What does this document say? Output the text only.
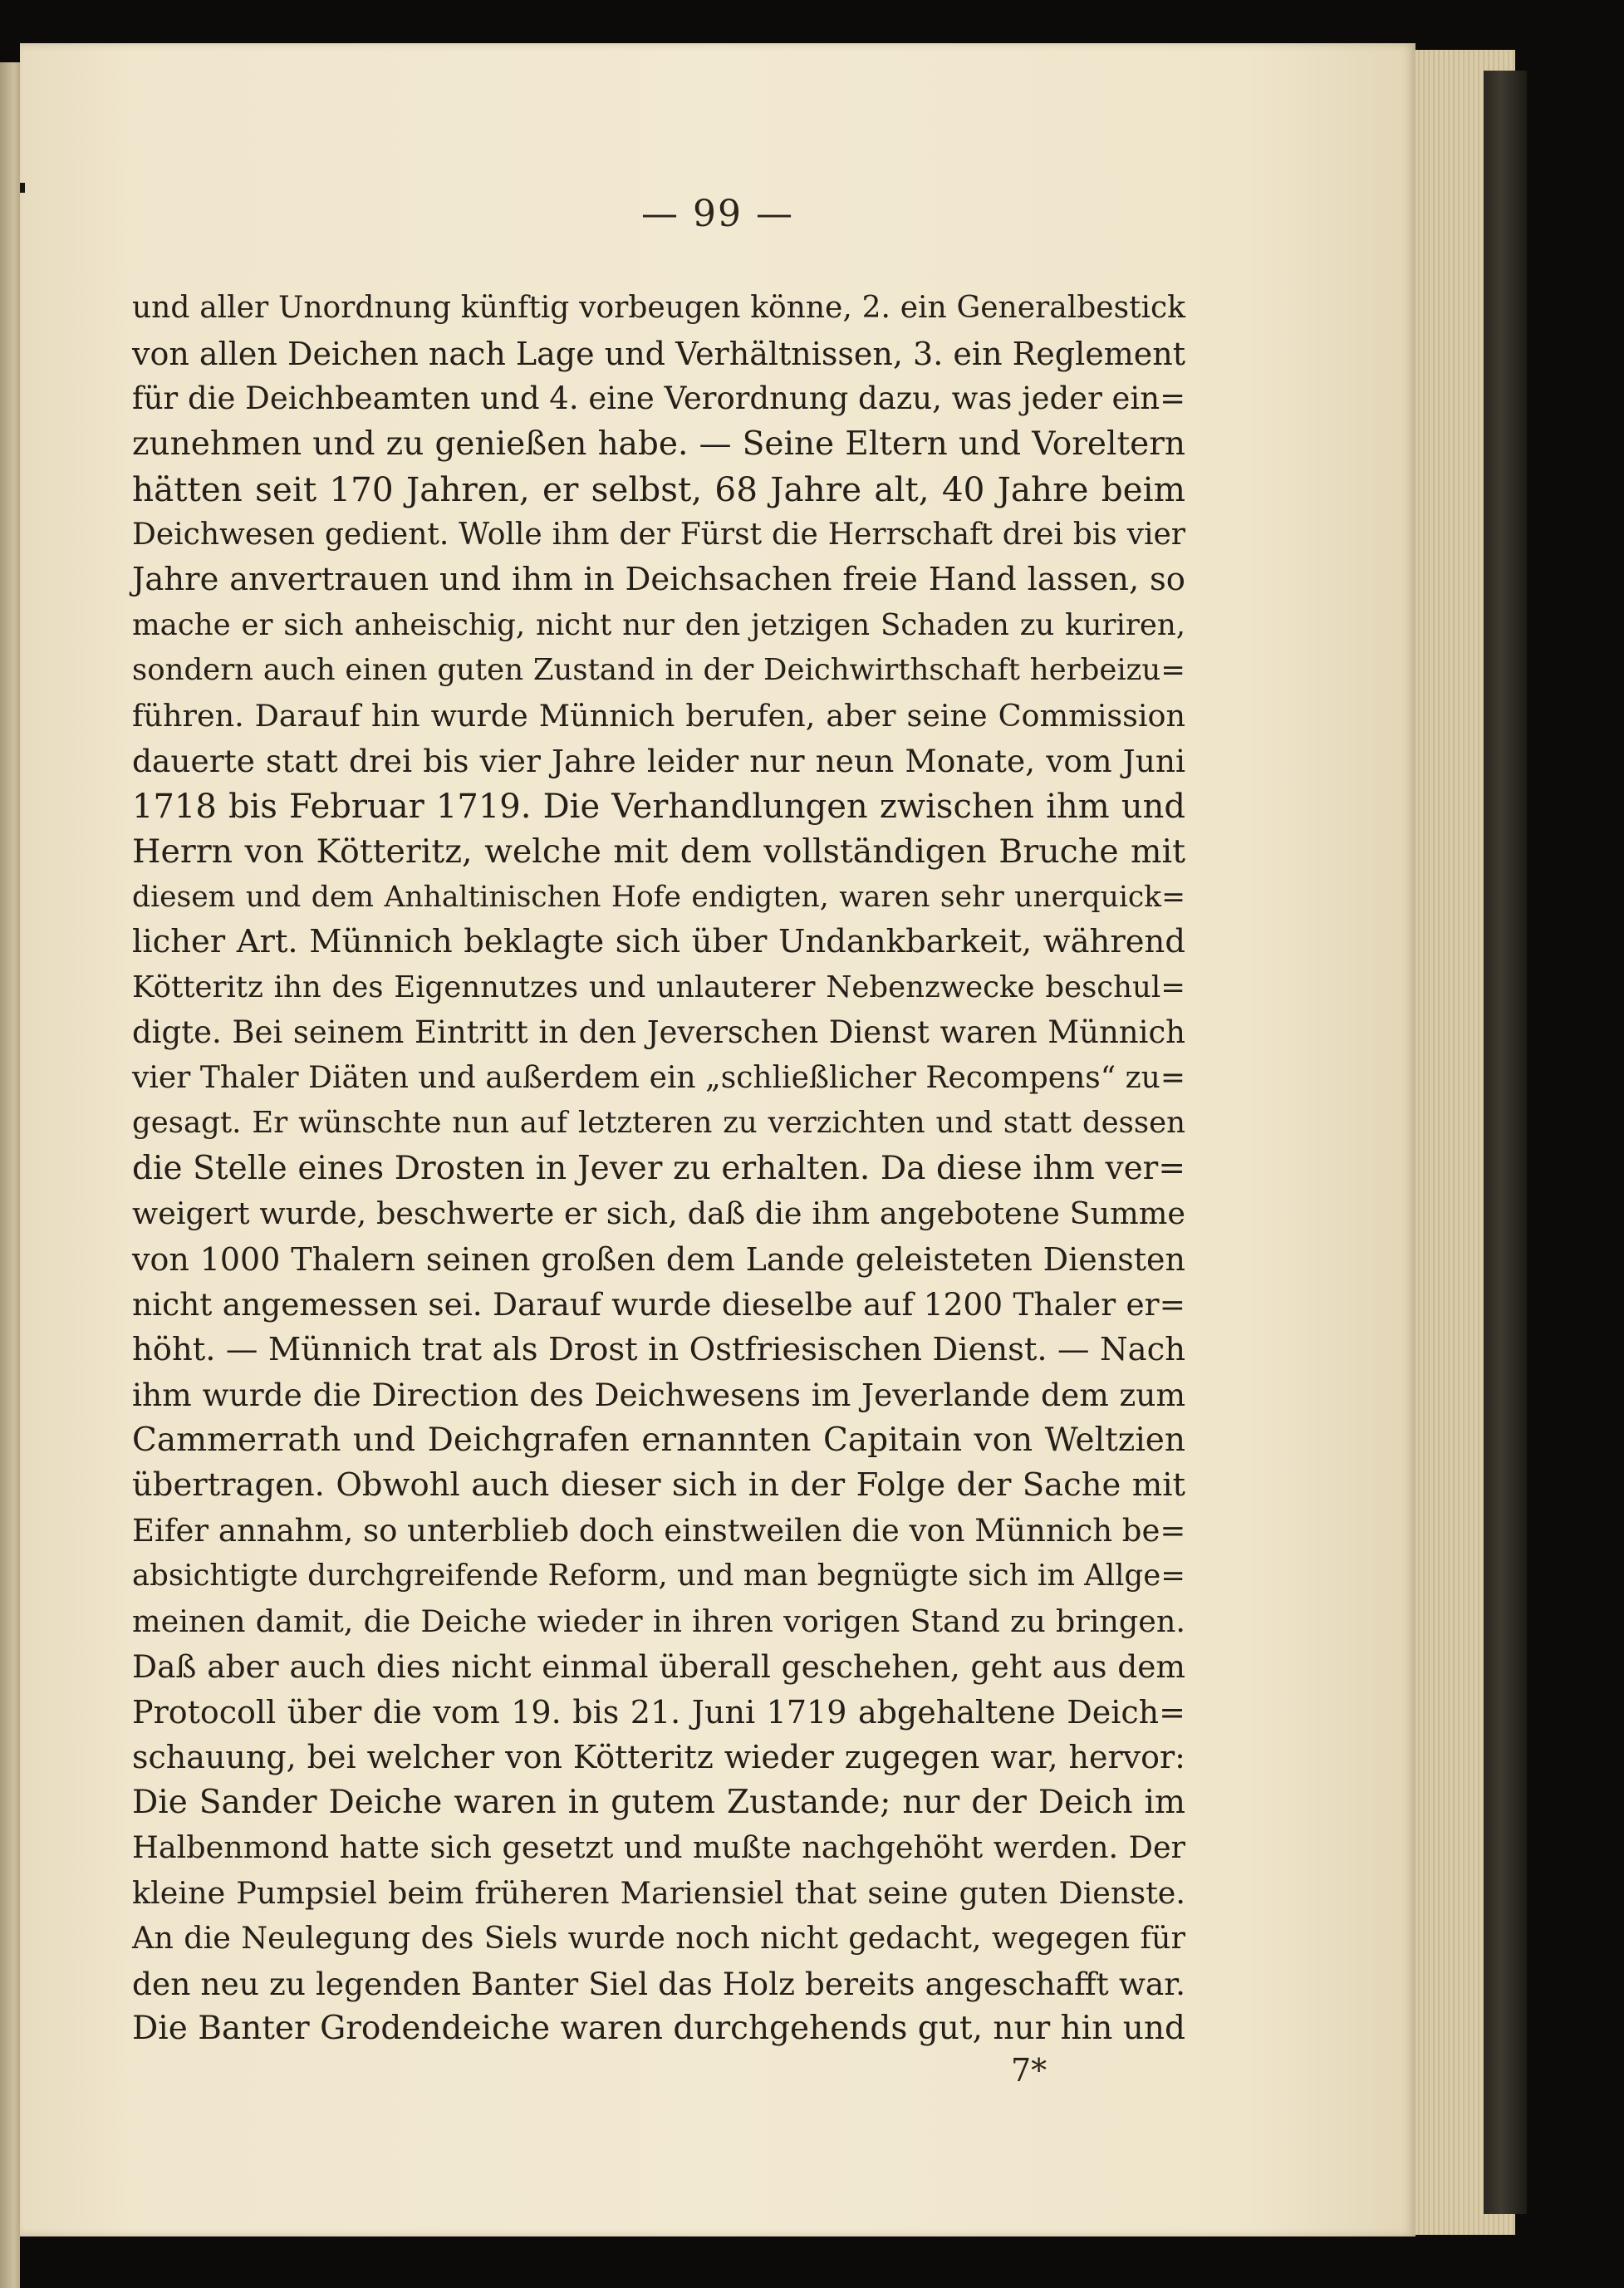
— 99 —
und aller Unordnung künftig vorbeugen könne, 2. ein Generalbestick
von allen Deichen nach Lage und Verhältnissen, 3. ein Reglement
für die Deichbeamten und 4. eine Verordnung dazu, was jeder ein=
zunehmen und zu genießen habe. — Seine Eltern und Voreltern
hätten seit 170 Jahren, er selbst, 68 Jahre alt, 40 Jahre beim
Deichwesen gedient. Wolle ihm der Fürst die Herrschaft drei bis vier
Jahre anvertrauen und ihm in Deichsachen freie Hand lassen, so
mache er sich anheischig, nicht nur den jetzigen Schaden zu kuriren,
sondern auch einen guten Zustand in der Deichwirthschaft herbeizu=
führen. Darauf hin wurde Münnich berufen, aber seine Commission
dauerte statt drei bis vier Jahre leider nur neun Monate, vom Juni
1718 bis Februar 1719. Die Verhandlungen zwischen ihm und
Herrn von Kötteritz, welche mit dem vollständigen Bruche mit
diesem und dem Anhaltinischen Hofe endigten, waren sehr unerquick=
licher Art. Münnich beklagte sich über Undankbarkeit, während
Kötteritz ihn des Eigennutzes und unlauterer Nebenzwecke beschul=
digte. Bei seinem Eintritt in den Jeverschen Dienst waren Münnich
vier Thaler Diäten und außerdem ein „schließlicher Recompens“ zu=
gesagt. Er wünschte nun auf letzteren zu verzichten und statt dessen
die Stelle eines Drosten in Jever zu erhalten. Da diese ihm ver=
weigert wurde, beschwerte er sich, daß die ihm angebotene Summe
von 1000 Thalern seinen großen dem Lande geleisteten Diensten
nicht angemessen sei. Darauf wurde dieselbe auf 1200 Thaler er=
höht. — Münnich trat als Drost in Ostfriesischen Dienst. — Nach
ihm wurde die Direction des Deichwesens im Jeverlande dem zum
Cammerrath und Deichgrafen ernannten Capitain von Weltzien
übertragen. Obwohl auch dieser sich in der Folge der Sache mit
Eifer annahm, so unterblieb doch einstweilen die von Münnich be=
absichtigte durchgreifende Reform, und man begnügte sich im Allge=
meinen damit, die Deiche wieder in ihren vorigen Stand zu bringen.
Daß aber auch dies nicht einmal überall geschehen, geht aus dem
Protocoll über die vom 19. bis 21. Juni 1719 abgehaltene Deich=
schauung, bei welcher von Kötteritz wieder zugegen war, hervor:
Die Sander Deiche waren in gutem Zustande; nur der Deich im
Halbenmond hatte sich gesetzt und mußte nachgehöht werden. Der
kleine Pumpsiel beim früheren Mariensiel that seine guten Dienste.
An die Neulegung des Siels wurde noch nicht gedacht, wegegen für
den neu zu legenden Banter Siel das Holz bereits angeschafft war.
Die Banter Grodendeiche waren durchgehends gut, nur hin und
7*
